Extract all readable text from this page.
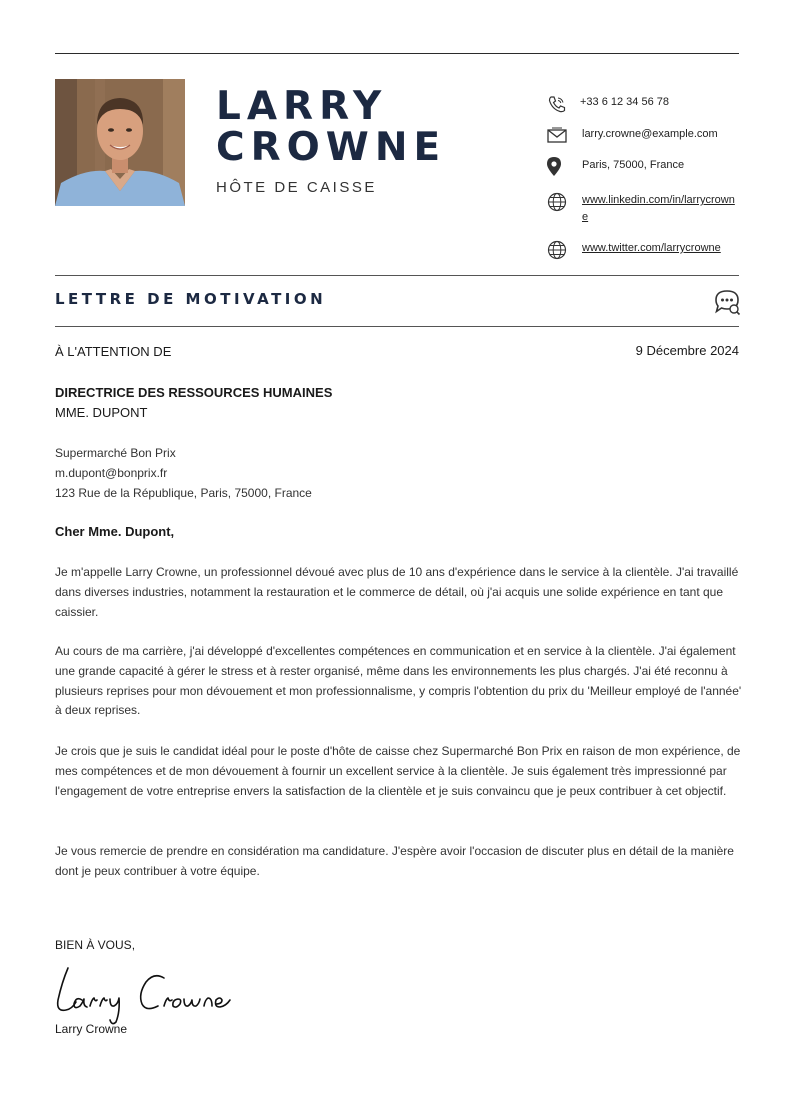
LARRY
CROWNE
HÔTE DE CAISSE
+33 6 12 34 56 78
larry.crowne@example.com
Paris, 75000, France
www.linkedin.com/in/larrycrowne
www.twitter.com/larrycrowne
LETTRE DE MOTIVATION
À L'ATTENTION DE	9 Décembre 2024
DIRECTRICE DES RESSOURCES HUMAINES
MME. DUPONT
Supermarché Bon Prix
m.dupont@bonprix.fr
123 Rue de la République, Paris, 75000, France
Cher Mme. Dupont,
Je m'appelle Larry Crowne, un professionnel dévoué avec plus de 10 ans d'expérience dans le service à la clientèle. J'ai travaillé dans diverses industries, notamment la restauration et le commerce de détail, où j'ai acquis une solide expérience en tant que caissier.
Au cours de ma carrière, j'ai développé d'excellentes compétences en communication et en service à la clientèle. J'ai également une grande capacité à gérer le stress et à rester organisé, même dans les environnements les plus chargés. J'ai été reconnu à plusieurs reprises pour mon dévouement et mon professionnalisme, y compris l'obtention du prix du 'Meilleur employé de l'année' à deux reprises.
Je crois que je suis le candidat idéal pour le poste d'hôte de caisse chez Supermarché Bon Prix en raison de mon expérience, de mes compétences et de mon dévouement à fournir un excellent service à la clientèle. Je suis également très impressionné par l'engagement de votre entreprise envers la satisfaction de la clientèle et je suis convaincu que je peux contribuer à cet objectif.
Je vous remercie de prendre en considération ma candidature. J'espère avoir l'occasion de discuter plus en détail de la manière dont je peux contribuer à votre équipe.
BIEN À VOUS,
Larry Crowne
